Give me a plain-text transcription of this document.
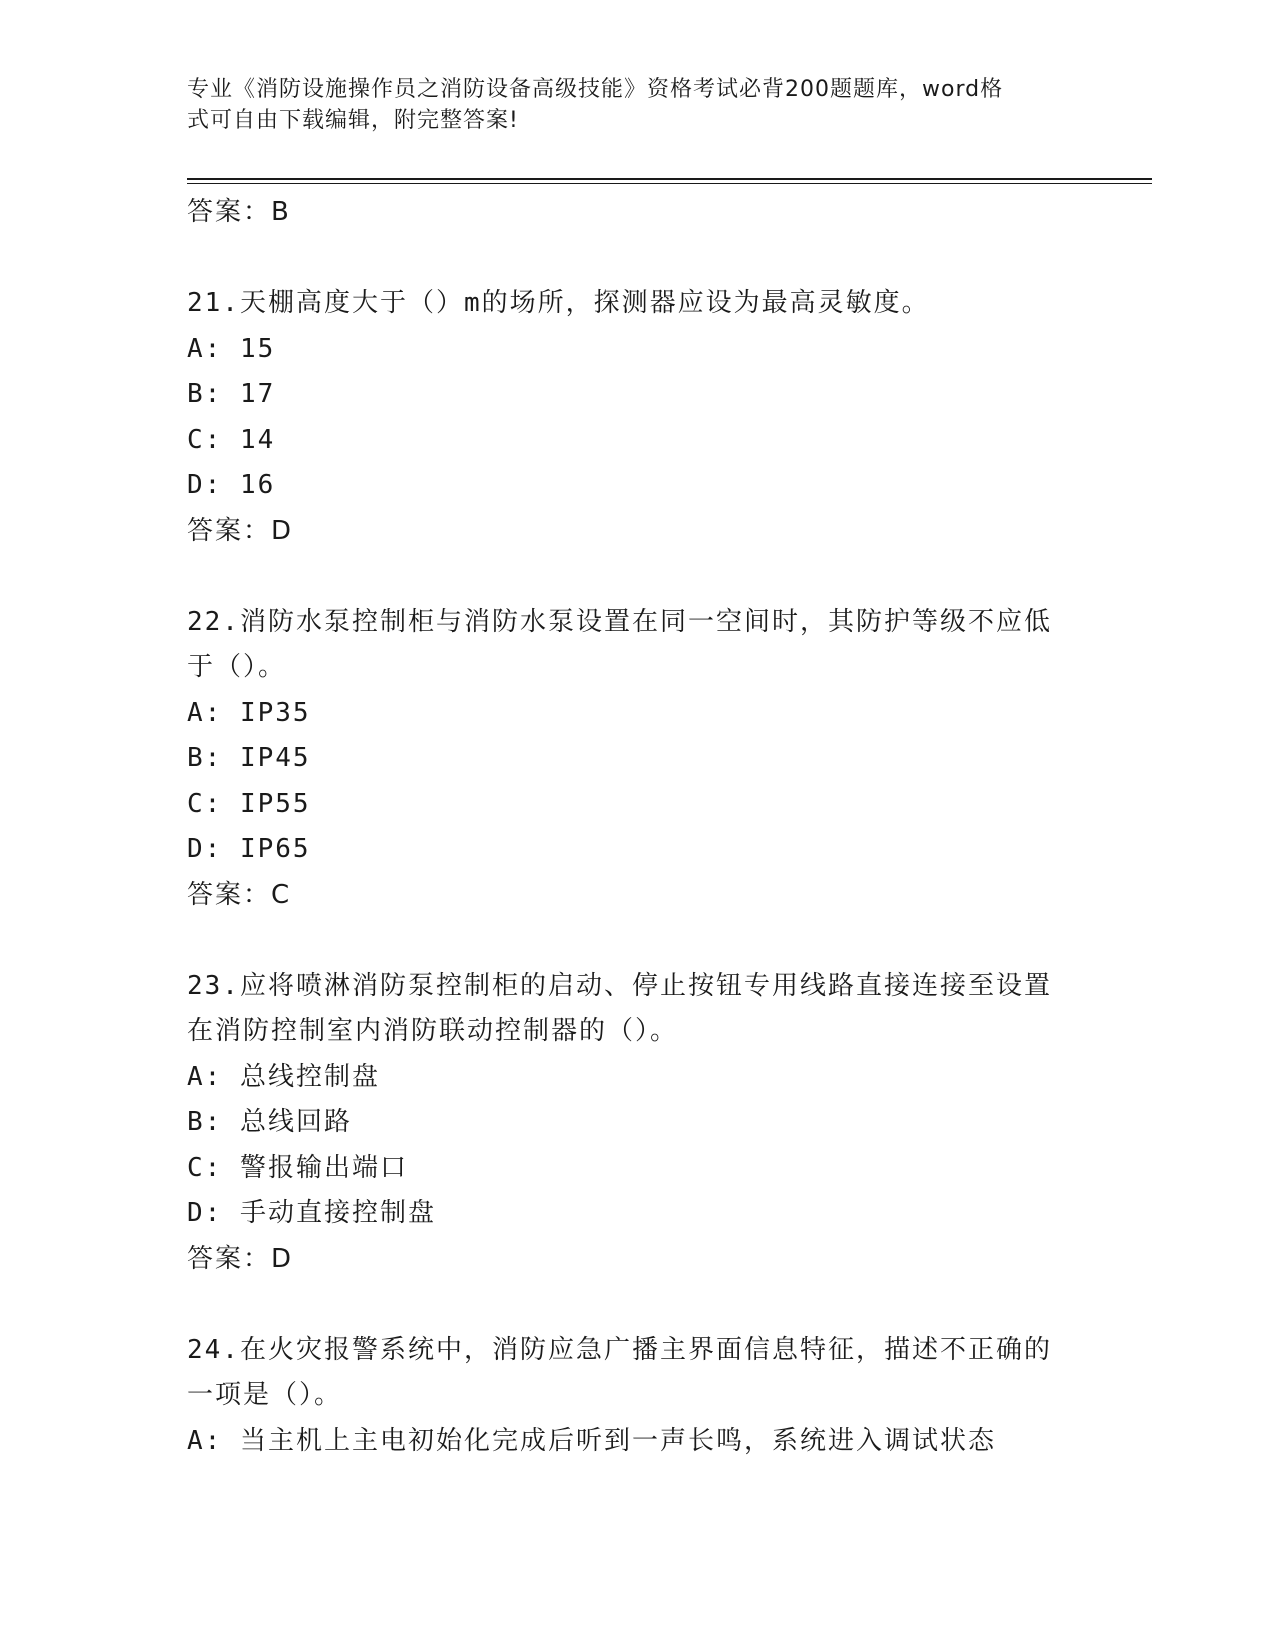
专业《消防设施操作员之消防设备高级技能》资格考试必背200题题库，word格
式可自由下载编辑，附完整答案!
答案：B
21.天棚高度大于（）m的场所，探测器应设为最高灵敏度。
A: 15
B: 17
C: 14
D: 16
答案：D
22.消防水泵控制柜与消防水泵设置在同一空间时，其防护等级不应低
于（）。
A: IP35
B: IP45
C: IP55
D: IP65
答案：C
23.应将喷淋消防泵控制柜的启动、停止按钮专用线路直接连接至设置
在消防控制室内消防联动控制器的（）。
A: 总线控制盘
B: 总线回路
C: 警报输出端口
D: 手动直接控制盘
答案：D
24.在火灾报警系统中，消防应急广播主界面信息特征，描述不正确的
一项是（）。
A: 当主机上主电初始化完成后听到一声长鸣，系统进入调试状态
